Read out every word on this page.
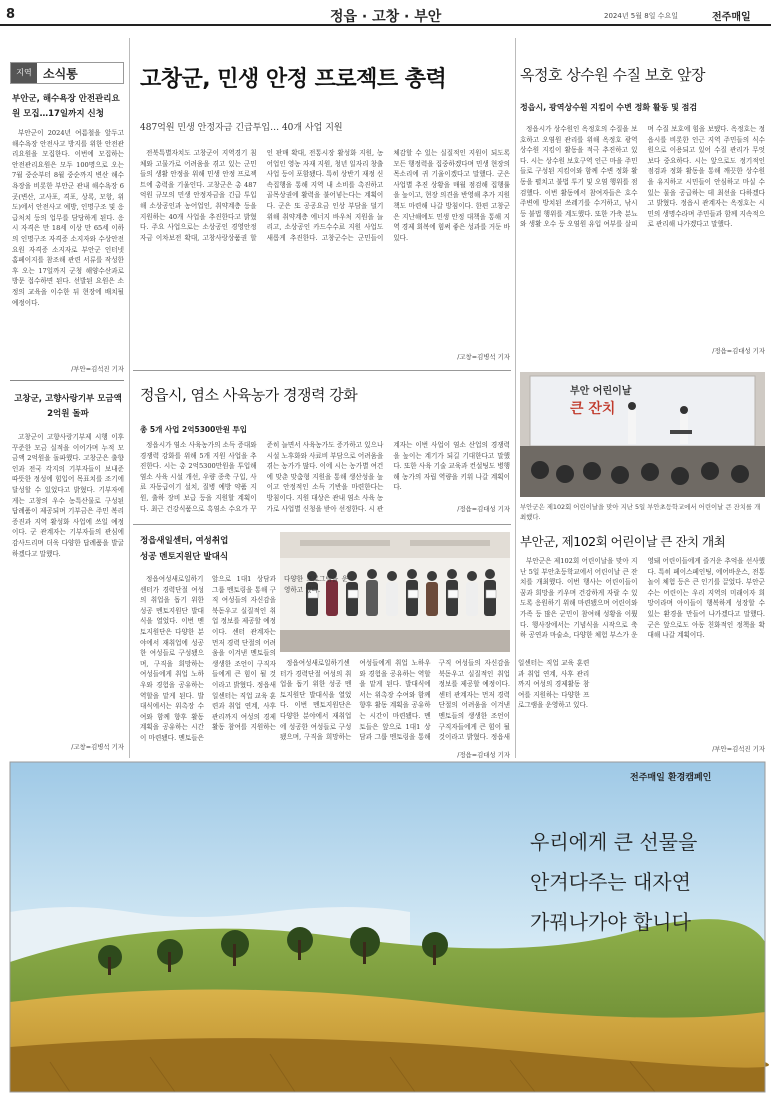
8	정읍 · 고창 · 부안	2024년 5월 8일 수요일	전주매일
지역 소식통
부안군, 해수욕장 안전관리요원 모집…17일까지 신청

부안군이 2024년 여름철을 앞두고 해수욕장 안전사고 방지를 위한 안전관리요원을 모집한다. 이번에 모집하는 안전관리요원은 모두 100명으로 오는 7월 중순부터 8월 중순까지 변산 해수욕장을 비롯한 부안군 관내 해수욕장 6곳(변산, 고사포, 격포, 상록, 모항, 위도)에서 안전사고 예방, 인명구조 및 응급처치 등의 업무를 담당하게 된다. 응시 자격은 만 18세 이상 만 65세 이하의 인명구조 자격증 소지자와 수상안전요원 자격증 소지자로 부안군 인터넷 홈페이지를 참조해 관련 서류를 작성한 후 오는 17일까지 군청 해양수산과로 방문 접수하면 된다. 선발된 요원은 소정의 교육을 이수한 뒤 현장에 배치될 예정이다.

/부안=김석진 기자
고창군, 고향사랑기부 모금액 2억원 돌파

고창군이 고향사랑기부제 시행 이후 꾸준한 모금 실적을 이어가며 누적 모금액 2억원을 돌파했다. 고창군은 출향인과 전국 각지의 기부자들이 보내준 따뜻한 정성에 힘입어 목표치를 조기에 달성할 수 있었다고 밝혔다. 기부자에게는 고창의 우수 농특산물로 구성된 답례품이 제공되며 기부금은 주민 복리 증진과 지역 활성화 사업에 쓰일 예정이다. 군 관계자는 기부자들의 관심에 감사드리며 더욱 다양한 답례품을 발굴하겠다고 말했다.

/고창=김병석 기자
고창군, 민생 안정 프로젝트 총력
487억원 민생 안정자금 긴급투입… 40개 사업 지원

전북특별자치도 고창군이 지역경기 침체와 고물가로 어려움을 겪고 있는 군민들의 생활 안정을 위해 민생 안정 프로젝트에 총력을 기울인다. 고창군은 총 487억원 규모의 민생 안정자금을 긴급 투입해 소상공인과 농어업인, 취약계층 등을 지원하는 40개 사업을 추진한다고 밝혔다. 주요 사업으로는 소상공인 경영안정자금 이차보전 확대, 고창사랑상품권 할인 판매 확대, 전통시장 활성화 지원, 농어업인 영농 자재 지원, 청년 일자리 창출 사업 등이 포함됐다. 특히 상반기 재정 신속집행을 통해 지역 내 소비를 촉진하고 골목상권에 활력을 불어넣는다는 계획이다. 군은 또 공공요금 인상 부담을 덜기 위해 취약계층 에너지 바우처 지원을 늘리고, 소상공인 카드수수료 지원 사업도 새롭게 추진한다. 고창군수는 군민들이 체감할 수 있는 실질적인 지원이 되도록 모든 행정력을 집중하겠다며 민생 현장의 목소리에 귀 기울이겠다고 말했다. 군은 사업별 추진 상황을 매월 점검해 집행률을 높이고, 현장 의견을 반영해 추가 지원책도 마련해 나갈 방침이다. 한편 고창군은 지난해에도 민생 안정 대책을 통해 지역 경제 회복에 힘써 좋은 성과를 거둔 바 있다.

/고창=김병석 기자
옥정호 상수원 수질 보호 앞장
정읍시, 광역상수원 지킴이 수변 정화 활동 및 점검

정읍시가 상수원인 옥정호의 수질을 보호하고 오염원 관리를 위해 옥정호 광역상수원 지킴이 활동을 적극 추진하고 있다. 시는 상수원 보호구역 인근 마을 주민들로 구성된 지킴이와 함께 수변 정화 활동을 펼치고 불법 투기 및 오염 행위를 점검했다. 이번 활동에서 참여자들은 호수 주변에 방치된 쓰레기를 수거하고, 낚시 등 불법 행위를 계도했다. 또한 가축 분뇨와 생활 오수 등 오염원 유입 여부를 살피며 수질 보호에 힘을 보탰다. 옥정호는 정읍시를 비롯한 인근 지역 주민들의 식수원으로 이용되고 있어 수질 관리가 무엇보다 중요하다. 시는 앞으로도 정기적인 점검과 정화 활동을 통해 깨끗한 상수원을 유지하고 시민들이 안심하고 마실 수 있는 물을 공급하는 데 최선을 다하겠다고 밝혔다. 정읍시 관계자는 옥정호는 시민의 생명수라며 주민들과 함께 지속적으로 관리해 나가겠다고 말했다.

/정읍=김대성 기자
정읍시, 염소 사육농가 경쟁력 강화
총 5개 사업 2억5300만원 투입

정읍시가 염소 사육농가의 소득 증대와 경쟁력 강화를 위해 5개 지원 사업을 추진한다. 시는 총 2억5300만원을 투입해 염소 사육 시설 개선, 우량 종축 구입, 사료 자동급이기 설치, 질병 예방 약품 지원, 출하 장비 보급 등을 지원할 계획이다. 최근 건강식품으로 흑염소 수요가 꾸준히 늘면서 사육농가도 증가하고 있으나 시설 노후화와 사료비 부담으로 어려움을 겪는 농가가 많다. 이에 시는 농가별 여건에 맞춘 맞춤형 지원을 통해 생산성을 높이고 안정적인 소득 기반을 마련한다는 방침이다. 지원 대상은 관내 염소 사육 농가로 사업별 신청을 받아 선정한다. 시 관계자는 이번 사업이 염소 산업의 경쟁력을 높이는 계기가 되길 기대한다고 말했다. 또한 사육 기술 교육과 컨설팅도 병행해 농가의 자립 역량을 키워 나갈 계획이다.

/정읍=김대성 기자
정읍새일센터, 여성취업
성공 멘토지원단 발대식

정읍여성새로일하기센터가 경력단절 여성의 취업을 돕기 위한 성공 멘토지원단 발대식을 열었다. 이번 멘토지원단은 다양한 분야에서 재취업에 성공한 여성들로 구성됐으며, 구직을 희망하는 여성들에게 취업 노하우와 경험을 공유하는 역할을 맡게 된다. 발대식에서는 위촉장 수여와 함께 향후 활동 계획을 공유하는 시간이 마련됐다. 멘토들은 앞으로 1대1 상담과 그룹 멘토링을 통해 구직 여성들의 자신감을 북돋우고 실질적인 취업 정보를 제공할 예정이다. 센터 관계자는 먼저 경력 단절의 어려움을 이겨낸 멘토들의 생생한 조언이 구직자들에게 큰 힘이 될 것이라고 밝혔다. 정읍새일센터는 직업 교육 훈련과 취업 연계, 사후 관리까지 여성의 경제활동 참여를 지원하는 다양한 프로그램을 운영하고 있다.

정읍여성새로일하기센터가 경력단절 여성의 취업을 돕기 위한 성공 멘토지원단 발대식을 열었다. 이번 멘토지원단은 다양한 분야에서 재취업에 성공한 여성들로 구성됐으며, 구직을 희망하는 여성들에게 취업 노하우와 경험을 공유하는 역할을 맡게 된다. 발대식에서는 위촉장 수여와 함께 향후 활동 계획을 공유하는 시간이 마련됐다. 멘토들은 앞으로 1대1 상담과 그룹 멘토링을 통해 구직 여성들의 자신감을 북돋우고 실질적인 취업 정보를 제공할 예정이다. 센터 관계자는 먼저 경력 단절의 어려움을 이겨낸 멘토들의 생생한 조언이 구직자들에게 큰 힘이 될 것이라고 밝혔다. 정읍새일센터는 직업 교육 훈련과 취업 연계, 사후 관리까지 여성의 경제활동 참여를 지원하는 다양한 프로그램을 운영하고 있다.

/정읍=김대성 기자
부안 어린이날
큰 잔치
부안군은 제102회 어린이날을 맞아 지난 5일 부안초등학교에서 어린이날 큰 잔치를 개최했다.
부안군, 제102회 어린이날 큰 잔치 개최

부안군은 제102회 어린이날을 맞아 지난 5일 부안초등학교에서 어린이날 큰 잔치를 개최했다. 이번 행사는 어린이들이 꿈과 희망을 키우며 건강하게 자랄 수 있도록 응원하기 위해 마련됐으며 어린이와 가족 등 많은 군민이 참여해 성황을 이뤘다. 행사장에서는 기념식을 시작으로 축하 공연과 마술쇼, 다양한 체험 부스가 운영돼 어린이들에게 즐거운 추억을 선사했다. 특히 페이스페인팅, 에어바운스, 전통놀이 체험 등은 큰 인기를 끌었다. 부안군수는 어린이는 우리 지역의 미래이자 희망이라며 아이들이 행복하게 성장할 수 있는 환경을 만들어 나가겠다고 말했다. 군은 앞으로도 아동 친화적인 정책을 확대해 나갈 계획이다.

/부안=김석진 기자
전주매일 환경캠페인
우리에게 큰 선물을
안겨다주는 대자연
가꿔나가야 합니다
